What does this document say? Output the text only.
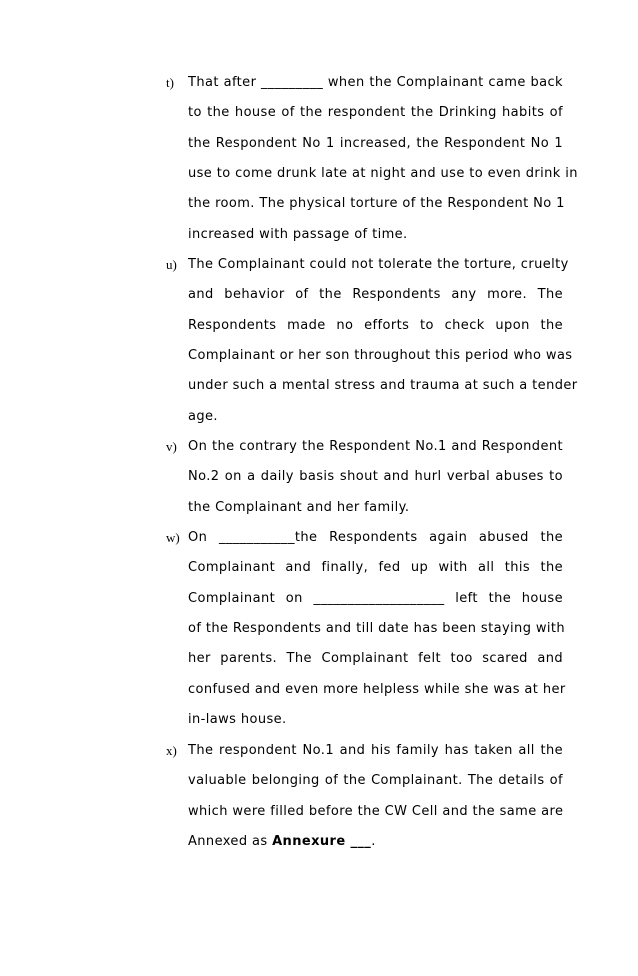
t) That after _________ when the Complainant came back
to the house of the respondent the Drinking habits of
the Respondent No 1 increased, the Respondent No 1
use to come drunk late at night and use to even drink in
the room. The physical torture of the Respondent No 1
increased with passage of time.
u) The Complainant could not tolerate the torture, cruelty
and behavior of the Respondents any more. The
Respondents made no efforts to check upon the
Complainant or her son throughout this period who was
under such a mental stress and trauma at such a tender
age.
v) On the contrary the Respondent No.1 and Respondent
No.2 on a daily basis shout and hurl verbal abuses to
the Complainant and her family.
w) On ___________the Respondents again abused the
Complainant and finally, fed up with all this the
Complainant on ___________________ left the house
of the Respondents and till date has been staying with
her parents. The Complainant felt too scared and
confused and even more helpless while she was at her
in-laws house.
x) The respondent No.1 and his family has taken all the
valuable belonging of the Complainant. The details of
which were filled before the CW Cell and the same are
Annexed as Annexure ___.
